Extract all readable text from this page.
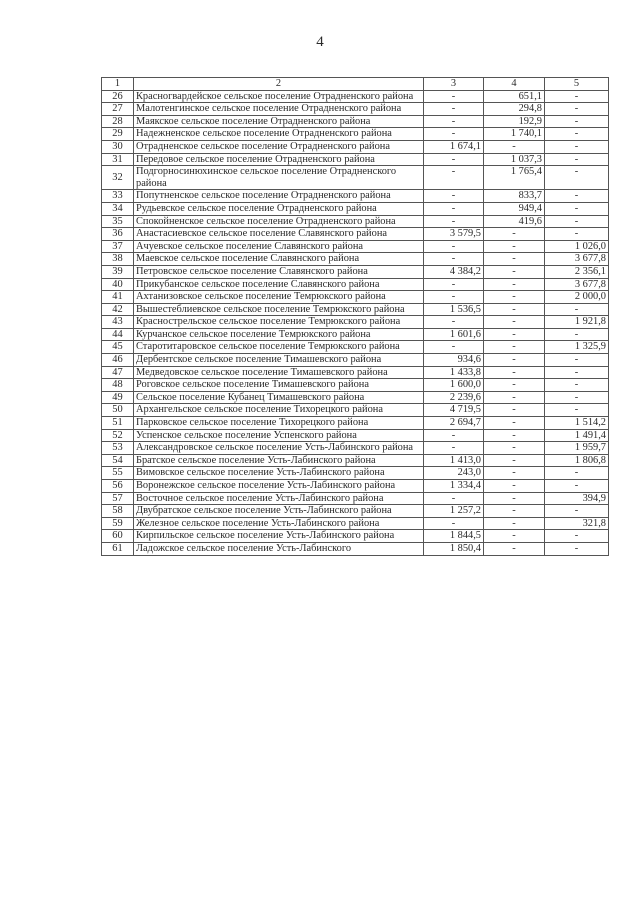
4
1	2	3	4	5
26	Красногвардейское сельское поселение Отрадненского района	-	651,1	-
27	Малотенгинское сельское поселение Отрадненского района	-	294,8	-
28	Маякское сельское поселение Отрадненского района	-	192,9	-
29	Надежненское сельское поселение Отрадненского района	-	1 740,1	-
30	Отрадненское сельское поселение Отрадненского района	1 674,1	-	-
31	Передовое сельское поселение Отрадненского района	-	1 037,3	-
32	Подгорносинюхинское сельское поселение Отрадненского района	-	1 765,4	-
33	Попутненское сельское поселение Отрадненского района	-	833,7	-
34	Рудьевское сельское поселение Отрадненского района	-	949,4	-
35	Спокойненское сельское поселение Отрадненского района	-	419,6	-
36	Анастасиевское сельское поселение Славянского района	3 579,5	-	-
37	Ачуевское сельское поселение Славянского района	-	-	1 026,0
38	Маевское сельское поселение Славянского района	-	-	3 677,8
39	Петровское сельское поселение Славянского района	4 384,2	-	2 356,1
40	Прикубанское сельское поселение Славянского района	-	-	3 677,8
41	Ахтанизовское сельское поселение Темрюкского района	-	-	2 000,0
42	Вышестеблиевское сельское поселение Темрюкского района	1 536,5	-	-
43	Краснострельское сельское поселение Темрюкского района	-	-	1 921,8
44	Курчанское сельское поселение Темрюкского района	1 601,6	-	-
45	Старотитаровское сельское поселение Темрюкского района	-	-	1 325,9
46	Дербентское сельское поселение Тимашевского района	934,6	-	-
47	Медведовское сельское поселение Тимашевского района	1 433,8	-	-
48	Роговское сельское поселение Тимашевского района	1 600,0	-	-
49	Сельское поселение Кубанец Тимашевского района	2 239,6	-	-
50	Архангельское сельское поселение Тихорецкого района	4 719,5	-	-
51	Парковское сельское поселение Тихорецкого района	2 694,7	-	1 514,2
52	Успенское сельское поселение Успенского района	-	-	1 491,4
53	Александровское сельское поселение Усть-Лабинского района	-	-	1 959,7
54	Братское сельское поселение Усть-Лабинского района	1 413,0	-	1 806,8
55	Вимовское сельское поселение Усть-Лабинского района	243,0	-	-
56	Воронежское сельское поселение Усть-Лабинского района	1 334,4	-	-
57	Восточное сельское поселение Усть-Лабинского района	-	-	394,9
58	Двубратское сельское поселение Усть-Лабинского района	1 257,2	-	-
59	Железное сельское поселение Усть-Лабинского района	-	-	321,8
60	Кирпильское сельское поселение Усть-Лабинского района	1 844,5	-	-
61	Ладожское сельское поселение Усть-Лабинского	1 850,4	-	-
